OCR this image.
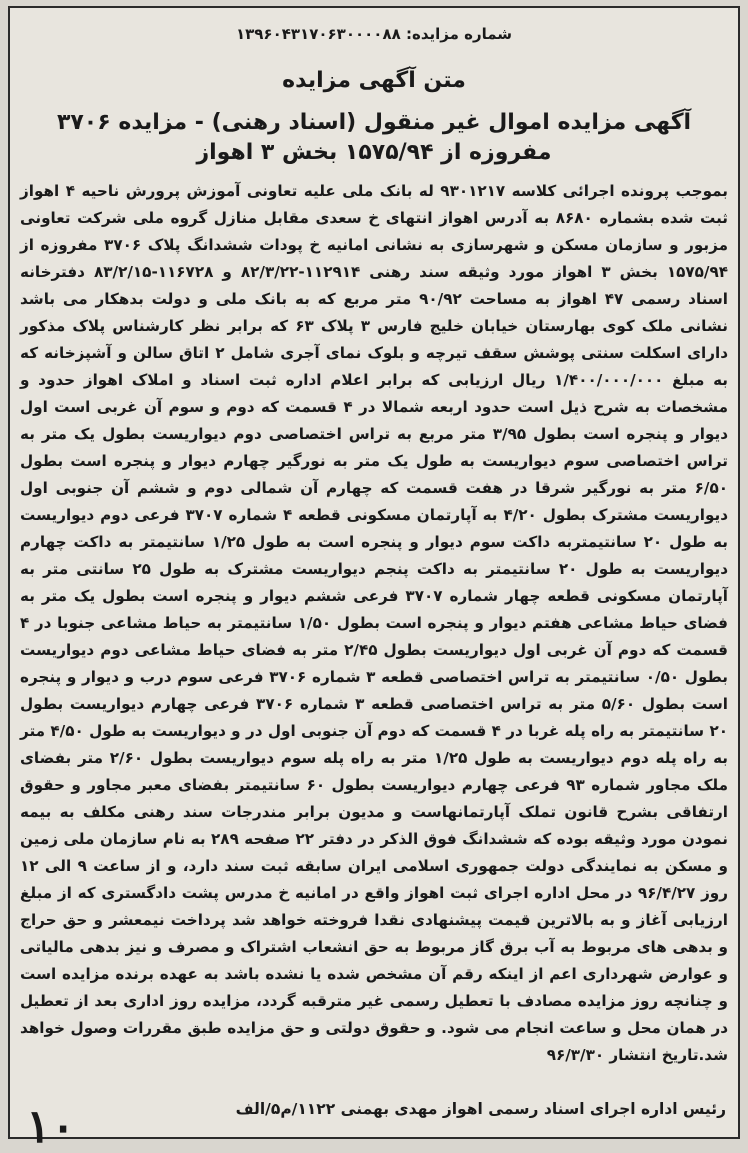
شماره مزایده: ۱۳۹۶۰۴۳۱۷۰۶۳۰۰۰۰۸۸
متن آگهی مزایده
آگهی مزایده اموال غیر منقول (اسناد رهنی) - مزایده ۳۷۰۶
مفروزه از ۱۵۷۵/۹۴ بخش ۳ اهواز
بموجب پرونده اجرائی کلاسه ۹۳۰۱۲۱۷ له بانک ملی علیه تعاونی آموزش پرورش ناحیه ۴ اهواز ثبت شده بشماره ۸۶۸۰ به آدرس اهواز انتهای خ سعدی مقابل منازل گروه ملی شرکت تعاونی مزبور و سازمان مسکن و شهرسازی به نشانی امانیه خ پودات ششدانگ پلاک ۳۷۰۶ مفروزه از ۱۵۷۵/۹۴ بخش ۳ اهواز مورد وثیقه سند رهنی ۱۱۲۹۱۴-۸۲/۳/۲۲ و ۱۱۶۷۲۸-۸۳/۲/۱۵ دفترخانه اسناد رسمی ۴۷ اهواز به مساحت ۹۰/۹۲ متر مربع که به بانک ملی و دولت بدهکار می باشد نشانی ملک کوی بهارستان خیابان خلیج فارس ۳ پلاک ۶۳ که برابر نظر کارشناس پلاک مذکور دارای اسکلت سنتی پوشش سقف تیرچه و بلوک نمای آجری شامل ۲ اتاق سالن و آشپزخانه که به مبلغ ۱/۴۰۰/۰۰۰/۰۰۰ ریال ارزیابی که برابر اعلام اداره ثبت اسناد و املاک اهواز حدود و مشخصات به شرح ذیل است حدود اربعه شمالا در ۴ قسمت که دوم و سوم آن غربی است اول دیوار و پنجره است بطول ۳/۹۵ متر مربع به تراس اختصاصی دوم دیواریست بطول یک متر به تراس اختصاصی سوم دیواریست به طول یک متر به نورگیر چهارم دیوار و پنجره است بطول ۶/۵۰ متر به نورگیر شرقا در هفت قسمت که چهارم آن شمالی دوم و ششم آن جنوبی اول دیواریست مشترک بطول ۴/۲۰ به آپارتمان مسکونی قطعه ۴ شماره ۳۷۰۷ فرعی دوم دیواریست به طول ۲۰ سانتیمتربه داکت سوم دیوار و پنجره است به طول ۱/۲۵ سانتیمتر به داکت چهارم دیواریست به طول ۲۰ سانتیمتر به داکت پنجم دیواریست مشترک به طول ۲۵ سانتی متر به آپارتمان مسکونی قطعه چهار شماره ۳۷۰۷ فرعی ششم دیوار و پنجره است بطول یک متر به فضای حیاط مشاعی هفتم دیوار و پنجره است بطول ۱/۵۰ سانتیمتر به حیاط مشاعی جنوبا در ۴ قسمت که دوم آن غربی اول دیواریست بطول ۲/۴۵ متر به فضای حیاط مشاعی دوم دیواریست بطول ۰/۵۰ سانتیمتر به تراس اختصاصی قطعه ۳ شماره ۳۷۰۶ فرعی سوم درب و دیوار و پنجره است بطول ۵/۶۰ متر به تراس اختصاصی قطعه ۳ شماره ۳۷۰۶ فرعی چهارم دیواریست بطول ۲۰ سانتیمتر به راه پله غربا در ۴ قسمت که دوم آن جنوبی اول در و دیواریست به طول ۴/۵۰ متر به راه پله دوم دیواریست به طول ۱/۲۵ متر به راه پله سوم دیواریست بطول ۲/۶۰ متر بفضای ملک مجاور شماره ۹۳ فرعی چهارم دیواریست بطول ۶۰ سانتیمتر بفضای معبر مجاور و حقوق ارتفاقی بشرح قانون تملک آپارتمانهاست و مدیون برابر مندرجات سند رهنی مکلف به بیمه نمودن مورد وثیقه بوده که ششدانگ فوق الذکر در دفتر ۲۲ صفحه ۲۸۹ به نام سازمان ملی زمین و مسکن به نمایندگی دولت جمهوری اسلامی ایران سابقه ثبت سند دارد، و از ساعت ۹ الی ۱۲ روز ۹۶/۴/۲۷ در محل اداره اجرای ثبت اهواز واقع در امانیه خ مدرس پشت دادگستری که از مبلغ ارزیابی آغاز و به بالاترین قیمت پیشنهادی نقدا فروخته خواهد شد پرداخت نیمعشر و حق حراج و بدهی های مربوط به آب برق گاز مربوط به حق انشعاب اشتراک و مصرف و نیز بدهی مالیاتی و عوارض شهرداری اعم از اینکه رقم آن مشخص شده یا نشده باشد به عهده برنده مزایده است و چنانچه روز مزایده مصادف با تعطیل رسمی غیر مترقبه گردد، مزایده روز اداری بعد از تعطیل در همان محل و ساعت انجام می شود. و حقوق دولتی و حق مزایده طبق مقررات وصول خواهد شد.تاریخ انتشار ۹۶/۳/۳۰
رئیس اداره اجرای اسناد رسمی اهواز مهدی بهمنی ۱۱۲۲/م۵/الف
۱۰
